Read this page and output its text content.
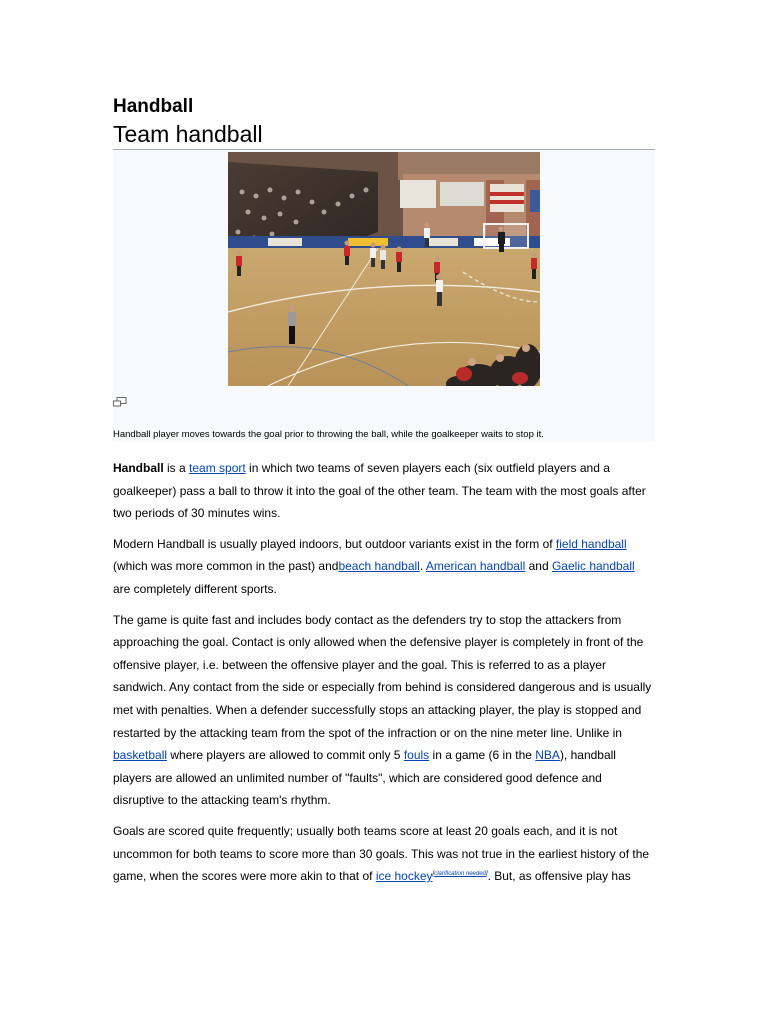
Handball
Team handball
Handball player moves towards the goal prior to throwing the ball, while the goalkeeper waits to stop it.

Handball is a team sport in which two teams of seven players each (six outfield players and a goalkeeper) pass a ball to throw it into the goal of the other team. The team with the most goals after two periods of 30 minutes wins.

Modern Handball is usually played indoors, but outdoor variants exist in the form of field handball (which was more common in the past) andbeach handball. American handball and Gaelic handball are completely different sports.

The game is quite fast and includes body contact as the defenders try to stop the attackers from approaching the goal. Contact is only allowed when the defensive player is completely in front of the offensive player, i.e. between the offensive player and the goal. This is referred to as a player sandwich. Any contact from the side or especially from behind is considered dangerous and is usually met with penalties. When a defender successfully stops an attacking player, the play is stopped and restarted by the attacking team from the spot of the infraction or on the nine meter line. Unlike in basketball where players are allowed to commit only 5 fouls in a game (6 in the NBA), handball players are allowed an unlimited number of "faults", which are considered good defence and disruptive to the attacking team's rhythm.

Goals are scored quite frequently; usually both teams score at least 20 goals each, and it is not uncommon for both teams to score more than 30 goals. This was not true in the earliest history of the game, when the scores were more akin to that of ice hockey[clarification needed]. But, as offensive play has
